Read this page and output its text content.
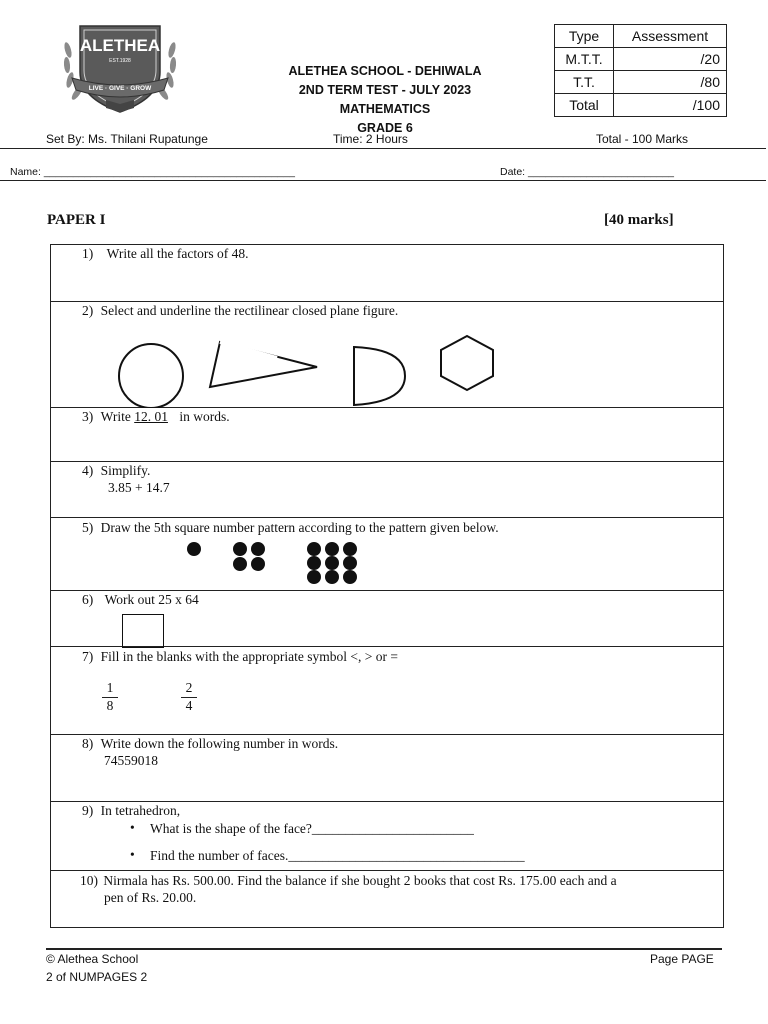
ALETHEA
EST.1928
LIVE · GIVE · GROW
ALETHEA SCHOOL - DEHIWALA
2ND TERM TEST - JULY 2023
MATHEMATICS
GRADE 6
Type	Assessment
M.T.T.	/20
T.T.	/80
Total	/100
Set By: Ms. Thilani Rupatunge	Time: 2 Hours	Total - 100 Marks
Name: ___________________________________________	Date: _________________________
PAPER I	[40 marks]
1) Write all the factors of 48.
2) Select and underline the rectilinear closed plane figure.
3) Write 12. 01 in words.
4) Simplify.
3.85 + 14.7
5) Draw the 5th square number pattern according to the pattern given below.
6) Work out 25 x 64
7) Fill in the blanks with the appropriate symbol <, > or =
$\frac{1}{8}$	$\frac{2}{4}$
8) Write down the following number in words.
74559018
9) In tetrahedron,
• What is the shape of the face?________________________
• Find the number of faces.___________________________________
10) Nirmala has Rs. 500.00. Find the balance if she bought 2 books that cost Rs. 175.00 each and a
pen of Rs. 20.00.
© Alethea School	Page PAGE
2 of NUMPAGES 2
